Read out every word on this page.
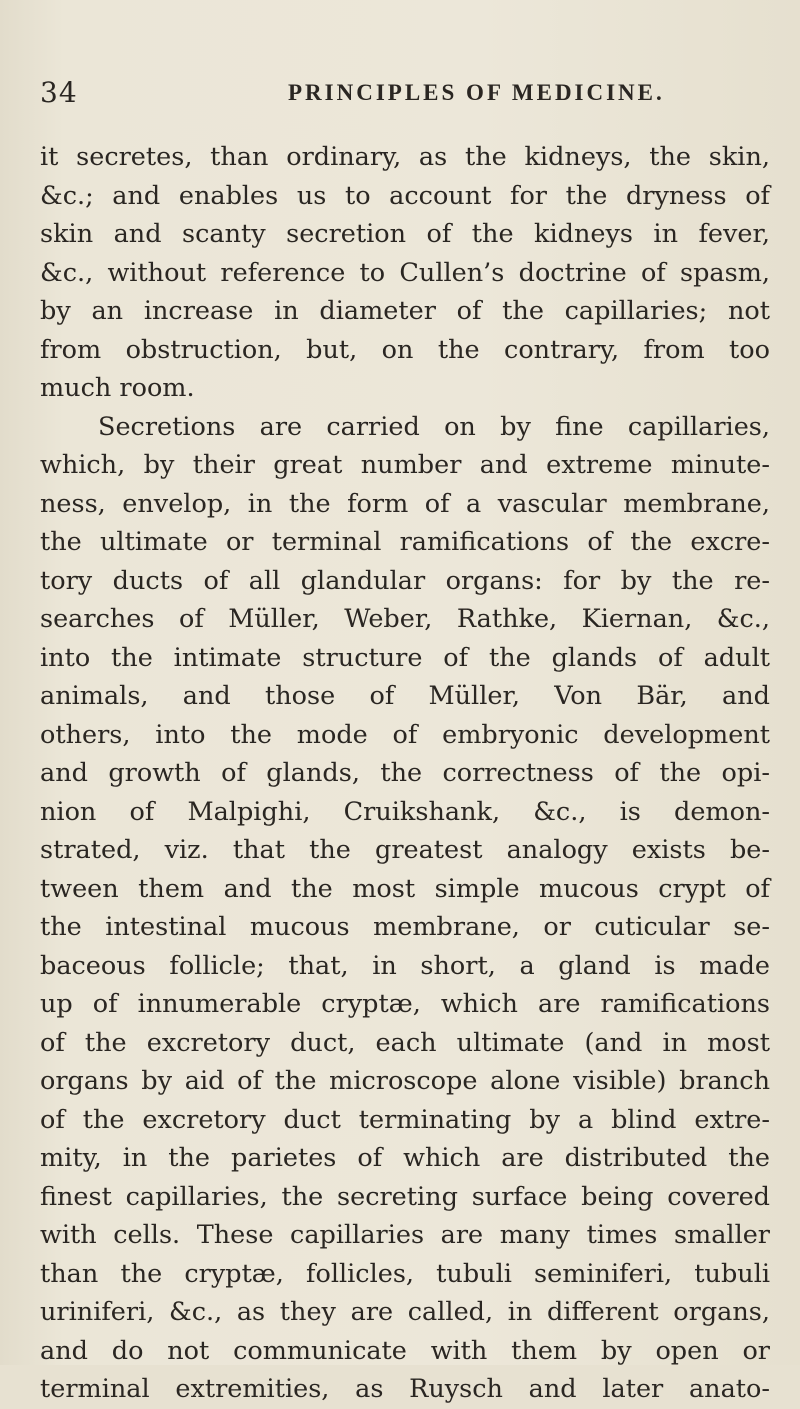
34	PRINCIPLES OF MEDICINE.
it secretes, than ordinary, as the kidneys, the skin,
&c.; and enables us to account for the dryness of
skin and scanty secretion of the kidneys in fever,
&c., without reference to Cullen’s doctrine of spasm,
by an increase in diameter of the capillaries; not
from obstruction, but, on the contrary, from too
much room.
Secretions are carried on by fine capillaries,
which, by their great number and extreme minute-
ness, envelop, in the form of a vascular membrane,
the ultimate or terminal ramifications of the excre-
tory ducts of all glandular organs: for by the re-
searches of Müller, Weber, Rathke, Kiernan, &c.,
into the intimate structure of the glands of adult
animals, and those of Müller, Von Bär, and
others, into the mode of embryonic development
and growth of glands, the correctness of the opi-
nion of Malpighi, Cruikshank, &c., is demon-
strated, viz. that the greatest analogy exists be-
tween them and the most simple mucous crypt of
the intestinal mucous membrane, or cuticular se-
baceous follicle; that, in short, a gland is made
up of innumerable cryptæ, which are ramifications
of the excretory duct, each ultimate (and in most
organs by aid of the microscope alone visible) branch
of the excretory duct terminating by a blind extre-
mity, in the parietes of which are distributed the
finest capillaries, the secreting surface being covered
with cells. These capillaries are many times smaller
than the cryptæ, follicles, tubuli seminiferi, tubuli
uriniferi, &c., as they are called, in different organs,
and do not communicate with them by open or
terminal extremities, as Ruysch and later anato-
